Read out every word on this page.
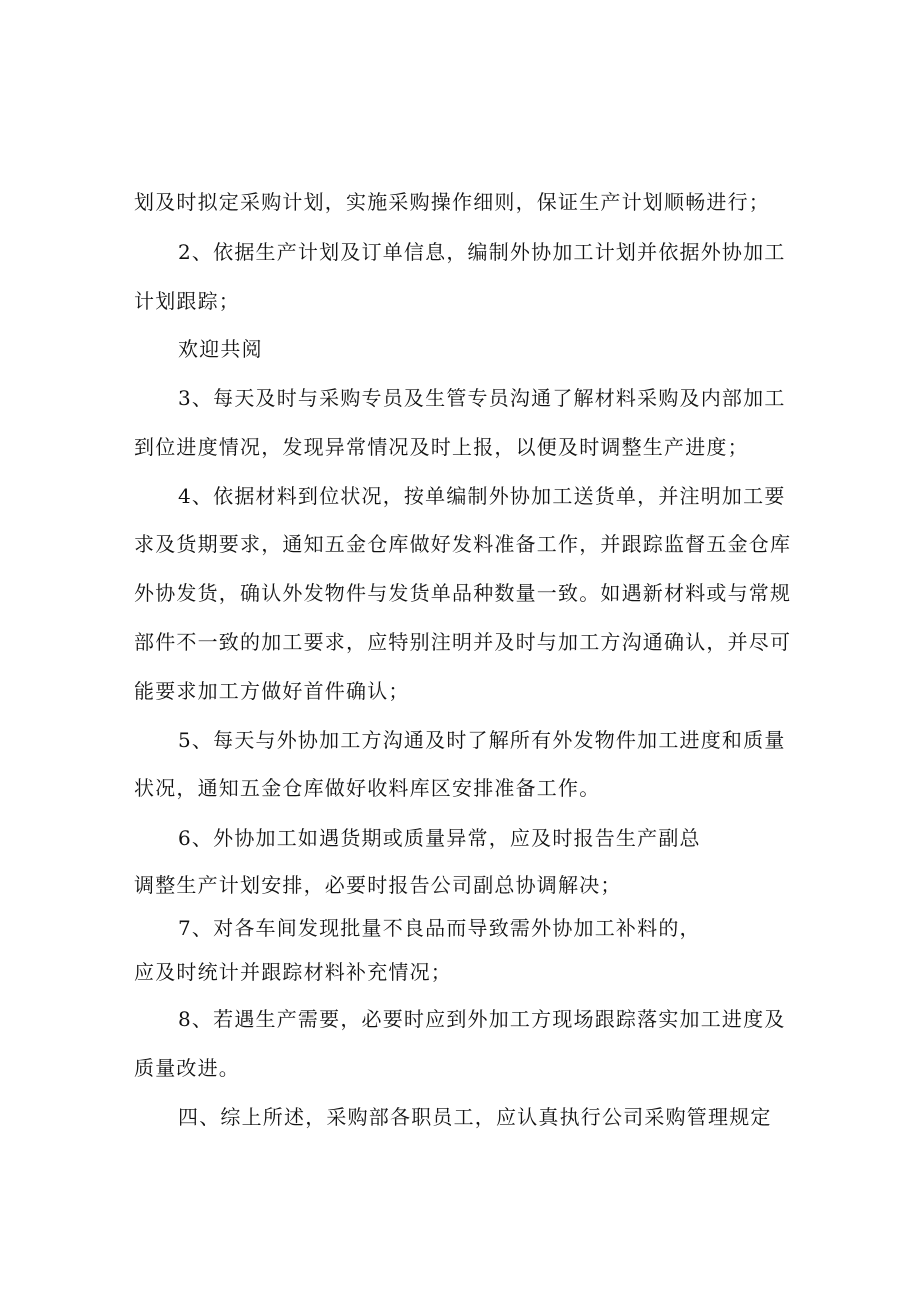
划及时拟定采购计划，实施采购操作细则，保证生产计划顺畅进行；
2、依据生产计划及订单信息，编制外协加工计划并依据外协加工
计划跟踪；
欢迎共阅
3、每天及时与采购专员及生管专员沟通了解材料采购及内部加工
到位进度情况，发现异常情况及时上报，以便及时调整生产进度；
4、依据材料到位状况，按单编制外协加工送货单，并注明加工要
求及货期要求，通知五金仓库做好发料准备工作，并跟踪监督五金仓库
外协发货，确认外发物件与发货单品种数量一致。如遇新材料或与常规
部件不一致的加工要求，应特别注明并及时与加工方沟通确认，并尽可
能要求加工方做好首件确认；
5、每天与外协加工方沟通及时了解所有外发物件加工进度和质量
状况，通知五金仓库做好收料库区安排准备工作。
6、外协加工如遇货期或质量异常，应及时报告生产副总
调整生产计划安排，必要时报告公司副总协调解决；
7、对各车间发现批量不良品而导致需外协加工补料的，
应及时统计并跟踪材料补充情况；
8、若遇生产需要，必要时应到外加工方现场跟踪落实加工进度及
质量改进。
四、综上所述，采购部各职员工，应认真执行公司采购管理规定
